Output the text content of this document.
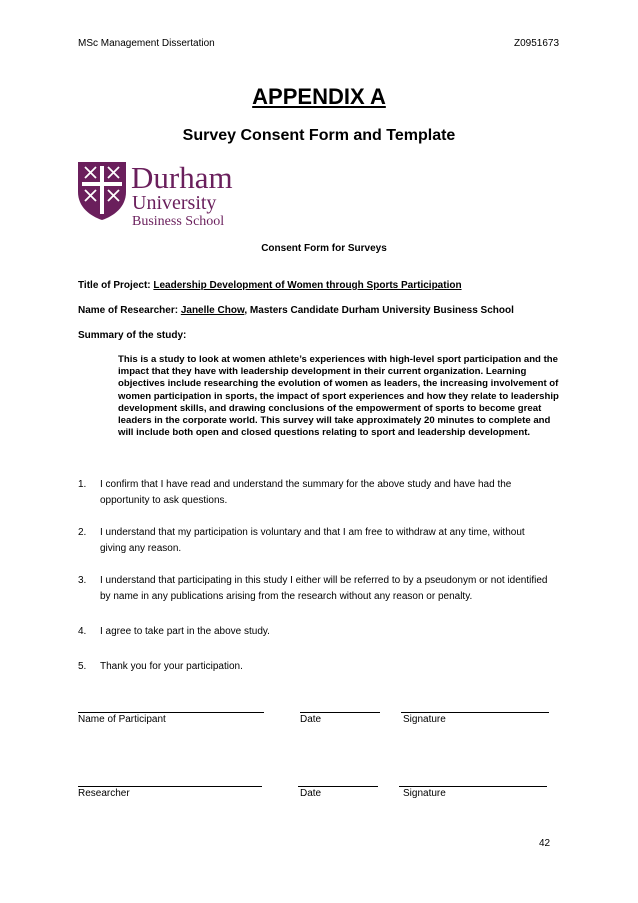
MSc Management Dissertation	Z0951673
APPENDIX A
Survey Consent Form and Template
Durham
University
Business School
Consent Form for Surveys
Title of Project: Leadership Development of Women through Sports Participation
Name of Researcher: Janelle Chow, Masters Candidate Durham University Business School
Summary of the study:
This is a study to look at women athlete’s experiences with high-level sport participation and the impact that they have with leadership development in their current organization. Learning objectives include researching the evolution of women as leaders, the increasing involvement of women participation in sports, the impact of sport experiences and how they relate to leadership development skills, and drawing conclusions of the empowerment of sports to become great leaders in the corporate world. This survey will take approximately 20 minutes to complete and will include both open and closed questions relating to sport and leadership development.
1. I confirm that I have read and understand the summary for the above study and have had the opportunity to ask questions.
2. I understand that my participation is voluntary and that I am free to withdraw at any time, without giving any reason.
3. I understand that participating in this study I either will be referred to by a pseudonym or not identified by name in any publications arising from the research without any reason or penalty.
4. I agree to take part in the above study.
5. Thank you for your participation.
Name of Participant	Date	Signature
Researcher	Date	Signature
42
